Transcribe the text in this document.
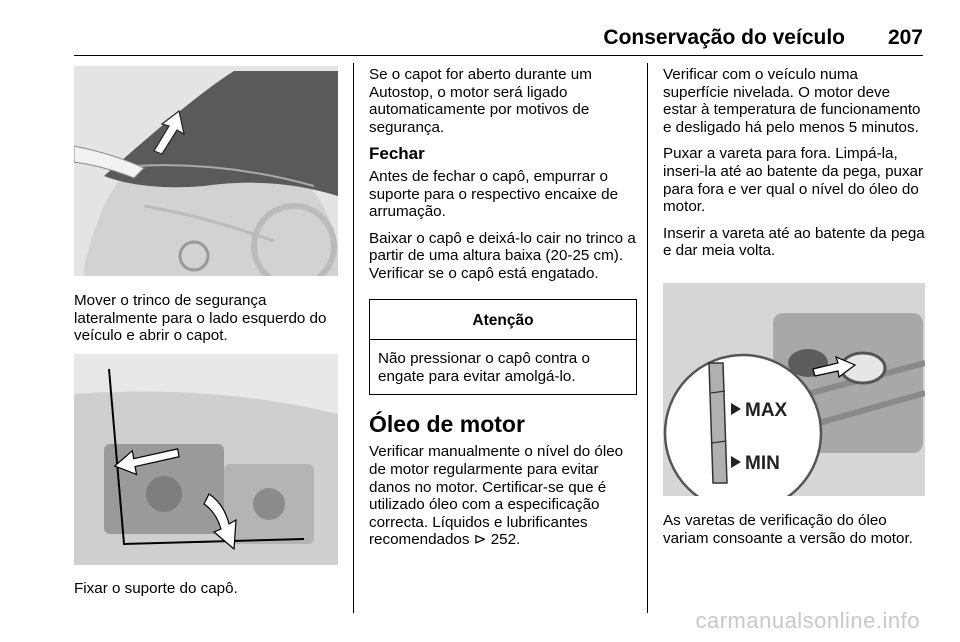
Conservação do veículo 207

Mover o trinco de segurança lateralmente para o lado esquerdo do veículo e abrir o capot.

Fixar o suporte do capô.

Se o capot for aberto durante um Autostop, o motor será ligado automaticamente por motivos de segurança.

Fechar

Antes de fechar o capô, empurrar o suporte para o respectivo encaixe de arrumação.

Baixar o capô e deixá-lo cair no trinco a partir de uma altura baixa (20-25 cm). Verificar se o capô está engatado.

Atenção
Não pressionar o capô contra o engate para evitar amolgá-lo.
Óleo de motor

Verificar manualmente o nível do óleo de motor regularmente para evitar danos no motor. Certificar-se que é utilizado óleo com a especificação correcta. Líquidos e lubrificantes recomendados ⊳ 252.

Verificar com o veículo numa superfície nivelada. O motor deve estar à temperatura de funcionamento e desligado há pelo menos 5 minutos.

Puxar a vareta para fora. Limpá-la, inseri-la até ao batente da pega, puxar para fora e ver qual o nível do óleo do motor.

Inserir a vareta até ao batente da pega e dar meia volta.

MAX
MIN

As varetas de verificação do óleo variam consoante a versão do motor.

carmanualsonline.info
